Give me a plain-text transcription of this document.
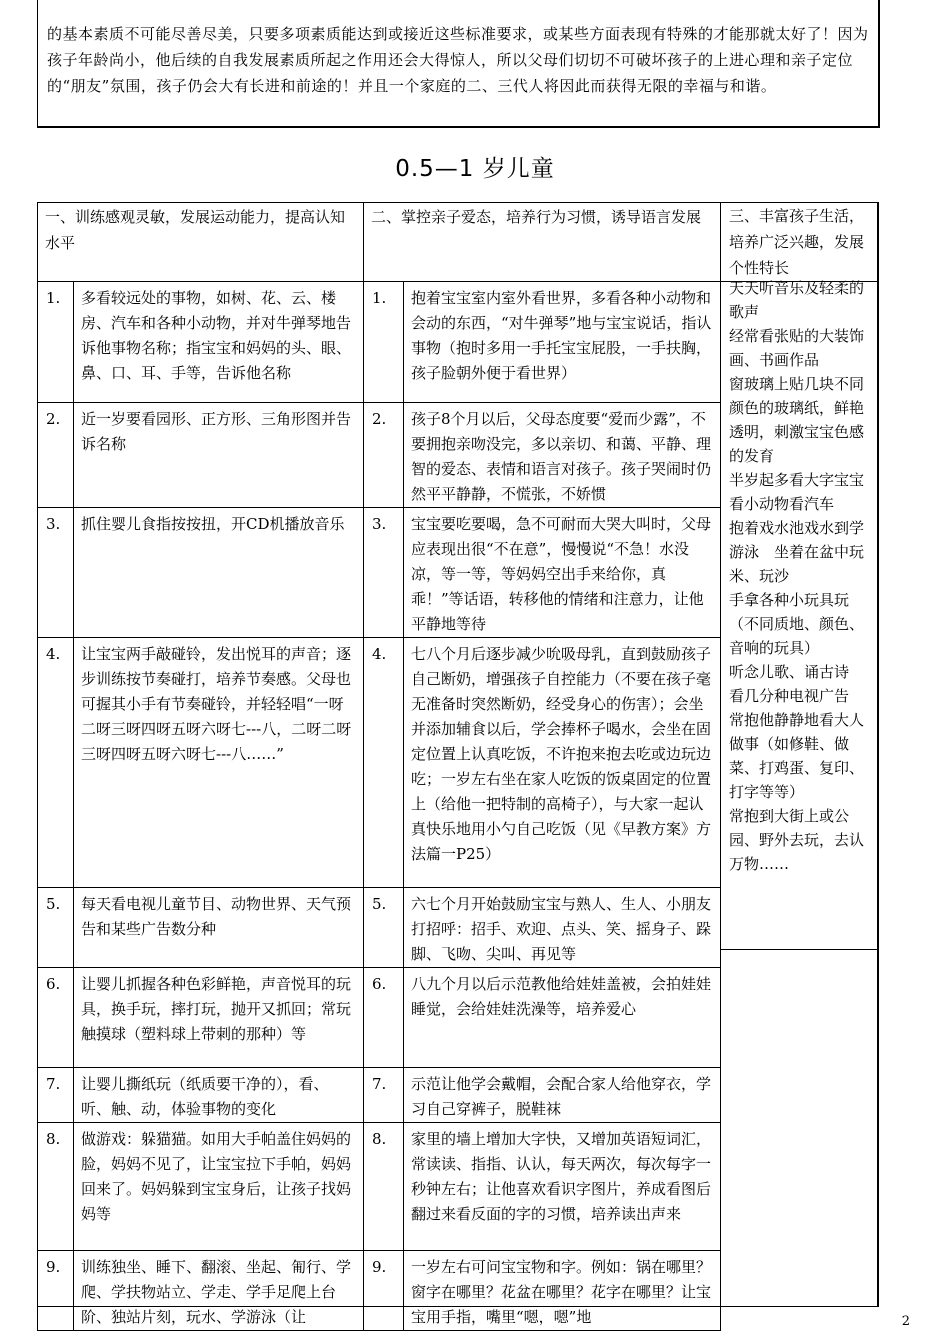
的基本素质不可能尽善尽美，只要多项素质能达到或接近这些标准要求，或某些方面表现有特殊的才能那就太好了！因为孩子年龄尚小，他后续的自我发展素质所起之作用还会大得惊人，所以父母们切切不可破坏孩子的上进心理和亲子定位的“朋友”氛围，孩子仍会大有长进和前途的！并且一个家庭的二、三代人将因此而获得无限的幸福与和谐。
0.5—1 岁儿童
一、训练感观灵敏，发展运动能力，提高认知水平		二、掌控亲子爱态，培养行为习惯，诱导语言发展	
1.	多看较远处的事物，如树、花、云、楼房、汽车和各种小动物，并对牛弹琴地告诉他事物名称；指宝宝和妈妈的头、眼、鼻、口、耳、手等，告诉他名称	1.	抱着宝宝室内室外看世界，多看各种小动物和会动的东西，“对牛弹琴”地与宝宝说话，指认事物（抱时多用一手托宝宝屁股，一手扶胸，孩子脸朝外便于看世界）
2.	近一岁要看园形、正方形、三角形图并告诉名称	2.	孩子8个月以后，父母态度要“爱而少露”，不要拥抱亲吻没完，多以亲切、和蔼、平静、理智的爱态、表情和语言对孩子。孩子哭闹时仍然平平静静，不慌张，不娇惯
3.	抓住婴儿食指按按扭，开CD机播放音乐	3.	宝宝要吃要喝，急不可耐而大哭大叫时，父母应表现出很“不在意”，慢慢说“不急！水没凉，等一等，等妈妈空出手来给你，真乖！”等话语，转移他的情绪和注意力，让他平静地等待
4.	让宝宝两手敲碰铃，发出悦耳的声音；逐步训练按节奏碰打，培养节奏感。父母也可握其小手有节奏碰铃，并轻轻唱“一呀二呀三呀四呀五呀六呀七---八，二呀二呀三呀四呀五呀六呀七---八……”	4.	七八个月后逐步减少吮吸母乳，直到鼓励孩子自己断奶，增强孩子自控能力（不要在孩子毫无准备时突然断奶，经受身心的伤害）；会坐并添加辅食以后，学会捧杯子喝水，会坐在固定位置上认真吃饭，不许抱来抱去吃或边玩边吃；一岁左右坐在家人吃饭的饭桌固定的位置上（给他一把特制的高椅子），与大家一起认真快乐地用小勺自己吃饭（见《早教方案》方法篇一P25）
5.	每天看电视儿童节目、动物世界、天气预告和某些广告数分种	5.	六七个月开始鼓励宝宝与熟人、生人、小朋友打招呼：招手、欢迎、点头、笑、摇身子、跺脚、飞吻、尖叫、再见等
6.	让婴儿抓握各种色彩鲜艳，声音悦耳的玩具，换手玩，摔打玩，抛开又抓回；常玩触摸球（塑料球上带刺的那种）等	6.	八九个月以后示范教他给娃娃盖被，会拍娃娃睡觉，会给娃娃洗澡等，培养爱心
7.	让婴儿撕纸玩（纸质要干净的），看、听、触、动，体验事物的变化	7.	示范让他学会戴帽，会配合家人给他穿衣，学习自己穿裤子，脱鞋袜
8.	做游戏：躲猫猫。如用大手帕盖住妈妈的脸，妈妈不见了，让宝宝拉下手帕，妈妈回来了。妈妈躲到宝宝身后，让孩子找妈妈等	8.	家里的墙上增加大字快，又增加英语短词汇，常读读、指指、认认，每天两次，每次每字一秒钟左右；让他喜欢看识字图片，养成看图后翻过来看反面的字的习惯，培养读出声来
9.	训练独坐、睡下、翻滚、坐起、匍行、学爬、学扶物站立、学走、学手足爬上台阶、独站片刻，玩水、学游泳（让	9.	一岁左右可问宝宝物和字。例如：锅在哪里？窗字在哪里？花盆在哪里？花字在哪里？让宝宝用手指，嘴里“嗯，嗯”地
三、丰富孩子生活，培养广泛兴趣，发展个性特长
天天听音乐及轻柔的歌声
经常看张贴的大装饰画、书画作品
窗玻璃上贴几块不同颜色的玻璃纸，鲜艳透明，刺激宝宝色感的发育
半岁起多看大字宝宝
看小动物看汽车
抱着戏水池戏水到学游泳　坐着在盆中玩米、玩沙
手拿各种小玩具玩（不同质地、颜色、音响的玩具）
听念儿歌、诵古诗
看几分种电视广告
常抱他静静地看大人做事（如修鞋、做菜、打鸡蛋、复印、打字等等）
常抱到大街上或公园、野外去玩，去认万物……
2
